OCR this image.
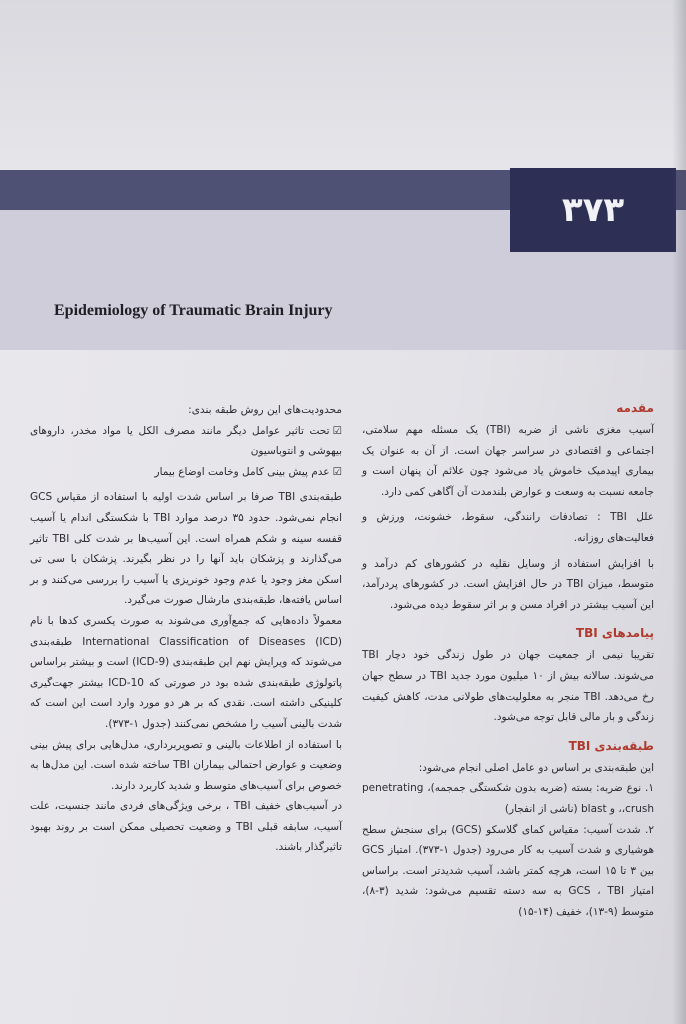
۳۷۳
Epidemiology of Traumatic Brain Injury

مقدمه

آسیب مغزی ناشی از ضربه (TBI) یک مسئله مهم سلامتی، اجتماعی و اقتصادی در سراسر جهان است. از آن به عنوان یک بیماری اپیدمیک خاموش یاد می‌شود چون علائم آن پنهان است و جامعه نسبت به وسعت و عوارض بلندمدت آن آگاهی کمی دارد.

علل TBI : تصادفات رانندگی، سقوط، خشونت، ورزش و فعالیت‌های روزانه.

با افزایش استفاده از وسایل نقلیه در کشورهای کم درآمد و متوسط، میزان TBI در حال افزایش است. در کشورهای پردرآمد، این آسیب بیشتر در افراد مسن و بر اثر سقوط دیده می‌شود.

پیامدهای TBI

تقریبا نیمی از جمعیت جهان در طول زندگی خود دچار TBI می‌شوند. سالانه بیش از ۱۰ میلیون مورد جدید TBI در سطح جهان رخ می‌دهد. TBI منجر به معلولیت‌های طولانی مدت، کاهش کیفیت زندگی و بار مالی قابل توجه می‌شود.

طبقه‌بندی TBI

این طبقه‌بندی بر اساس دو عامل اصلی انجام می‌شود:

۱. نوع ضربه: بسته (ضربه بدون شکستگی جمجمه)، penetrating ،crush، و blast (ناشی از انفجار)

۲. شدت آسیب: مقیاس کمای گلاسکو (GCS) برای سنجش سطح هوشیاری و شدت آسیب به کار می‌رود (جدول ۱-۳۷۳). امتیاز GCS بین ۳ تا ۱۵ است، هرچه کمتر باشد، آسیب شدیدتر است. براساس امتیاز GCS ، TBI به سه دسته تقسیم می‌شود: شدید (۳-۸)، متوسط (۹-۱۳)، خفیف (۱۴-۱۵)

محدودیت‌های این روش طبقه بندی:

☑تحت تاثیر عوامل دیگر مانند مصرف الکل یا مواد مخدر، داروهای بیهوشی و انتوباسیون

☑عدم پیش بینی کامل وخامت اوضاع بیمار

طبقه‌بندی TBI صرفا بر اساس شدت اولیه با استفاده از مقیاس GCS انجام نمی‌شود. حدود ۳۵ درصد موارد TBI با شکستگی اندام یا آسیب قفسه سینه و شکم همراه است. این آسیب‌ها بر شدت کلی TBI تاثیر می‌گذارند و پزشکان باید آنها را در نظر بگیرند. پزشکان با سی تی اسکن مغز وجود یا عدم وجود خونریزی یا آسیب را بررسی می‌کنند و بر اساس یافته‌ها، طبقه‌بندی مارشال صورت می‌گیرد.

معمولاً داده‌هایی که جمع‌آوری می‌شوند به صورت یکسری کدها با نام International Classification of Diseases (ICD) طبقه‌بندی می‌شوند که ویرایش نهم این طبقه‌بندی (ICD-9) است و بیشتر براساس پاتولوژی طبقه‌بندی شده بود در صورتی که ICD-10 بیشتر جهت‌گیری کلینیکی داشته است. نقدی که بر هر دو مورد وارد است این است که شدت بالینی آسیب را مشخص نمی‌کنند (جدول ۱-۳۷۳).

با استفاده از اطلاعات بالینی و تصویربرداری، مدل‌هایی برای پیش بینی وضعیت و عوارض احتمالی بیماران TBI ساخته شده است. این مدل‌ها به خصوص برای آسیب‌های متوسط و شدید کاربرد دارند.

در آسیب‌های خفیف TBI ، برخی ویژگی‌های فردی مانند جنسیت، علت آسیب، سابقه قبلی TBI و وضعیت تحصیلی ممکن است بر روند بهبود تاثیرگذار باشند.
